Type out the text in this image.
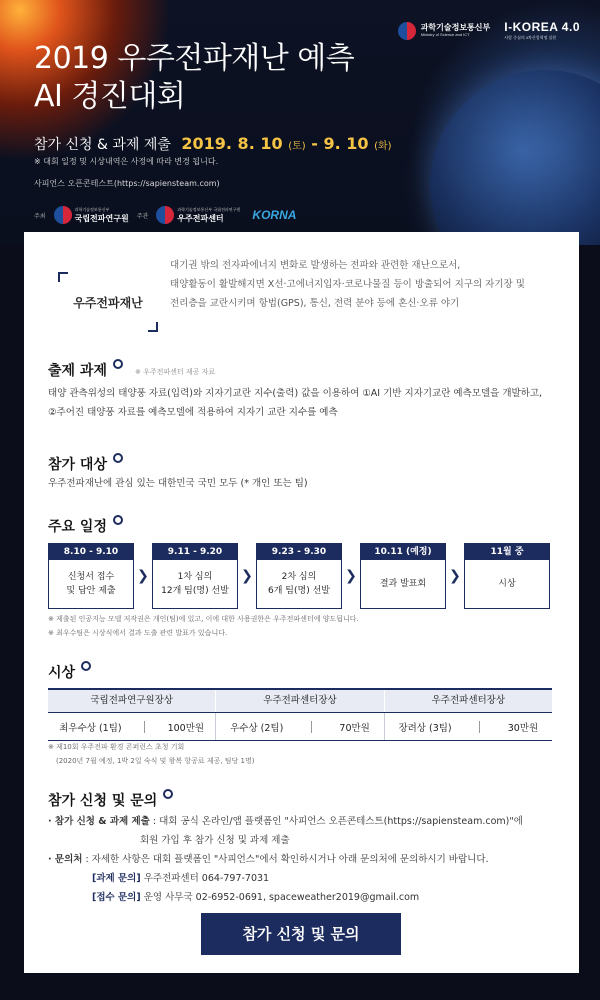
과학기술정보통신부
Ministry of Science and ICT
I-KOREA 4.0
사람 중심의 4차산업혁명 실현
2019 우주전파재난 예측
AI 경진대회
참가 신청 & 과제 제출 2019. 8. 10 (토) - 9. 10 (화)
※ 대회 일정 및 시상내역은 사정에 따라 변경 됩니다.
사피언스 오픈콘테스트(https://sapiensteam.com)
주최
과학기술정보통신부
국립전파연구원 주관
과학기술정보통신부 국립전파연구원
우주전파센터	KORNA
우주전파재난
대기권 밖의 전자파에너지 변화로 발생하는 전파와 관련한 재난으로서,
태양활동이 활발해지면 X선·고에너지입자·코로나물질 등이 방출되어 지구의 자기장 및
전리층을 교란시키며 항법(GPS), 통신, 전력 분야 등에 혼신·오류 야기
출제 과제	※ 우주전파센터 제공 자료
태양 관측위성의 태양풍 자료(입력)와 지자기교란 지수(출력) 값을 이용하여 ①AI 기반 지자기교란 예측모델을 개발하고,
②주어진 태양풍 자료를 예측모델에 적용하여 지자기 교란 지수를 예측
참가 대상
우주전파재난에 관심 있는 대한민국 국민 모두 (* 개인 또는 팀)
주요 일정
8.10 - 9.10
신청서 접수
및 답안 제출
❯
9.11 - 9.20
1차 심의
12개 팀(명) 선발
❯
9.23 - 9.30
2차 심의
6개 팀(명) 선발
❯
10.11 (예정)
결과 발표회 ❯
11월 중
시상
※ 제출된 인공지능 모델 저작권은 개인(팀)에 있고, 이에 대한 사용권한은 우주전파센터에 양도됩니다.
※ 최우수팀은 시상식에서 결과 도출 관련 발표가 있습니다.
시상
국립전파연구원장상	우주전파센터장상	우주전파센터장상
최우수상 (1팀)	100만원	우수상 (2팀)	70만원	장려상 (3팀)	30만원
※ 제10회 우주전파 환경 콘퍼런스 초청 기회
(2020년 7월 예정, 1박 2일 숙식 및 왕복 항공료 제공, 팀당 1명)
참가 신청 및 문의
· 참가 신청 & 과제 제출 : 대회 공식 온라인/앱 플랫폼인 "사피언스 오픈콘테스트(https://sapiensteam.com)"에
회원 가입 후 참가 신청 및 과제 제출
· 문의처 : 자세한 사항은 대회 플랫폼인 "사피언스"에서 확인하시거나 아래 문의처에 문의하시기 바랍니다.
[과제 문의] 우주전파센터 064-797-7031
[접수 문의] 운영 사무국 02-6952-0691, spaceweather2019@gmail.com
참가 신청 및 문의
